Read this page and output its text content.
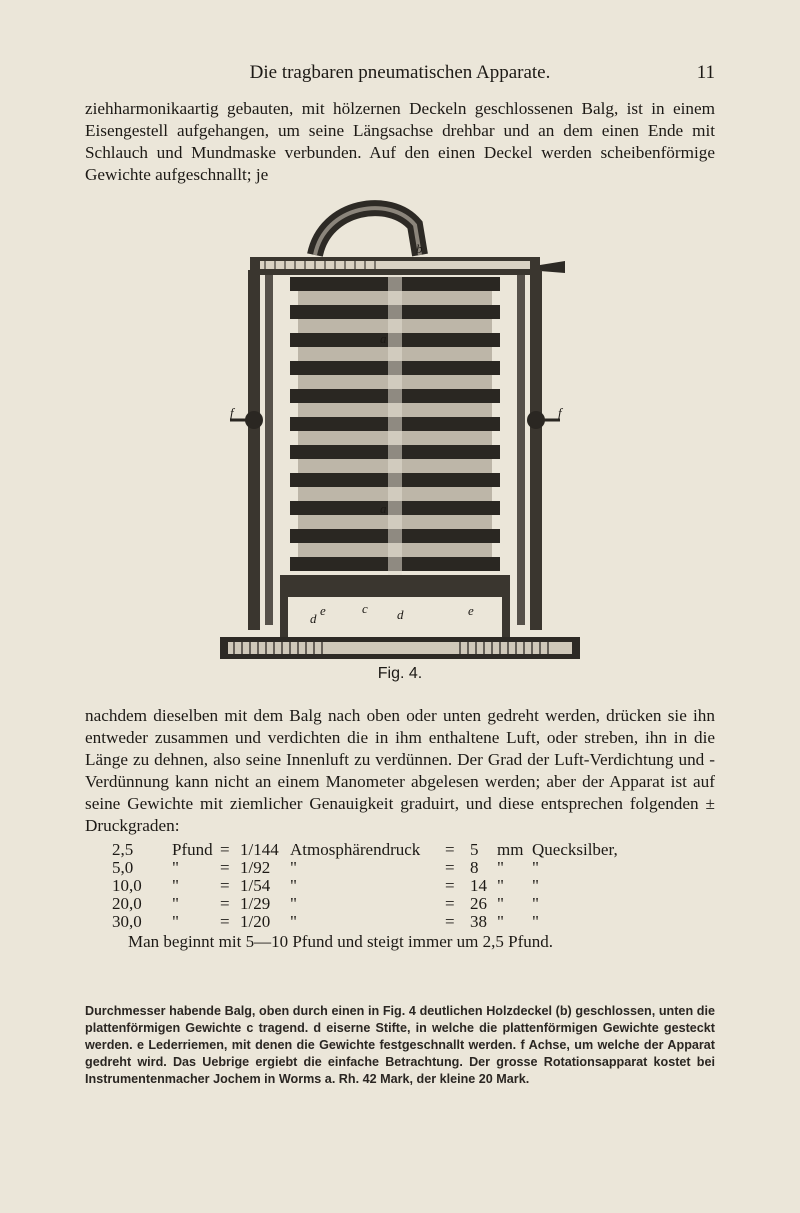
Die tragbaren pneumatischen Apparate.	11

ziehharmonikaartig gebauten, mit hölzernen Deckeln geschlossenen Balg, ist in einem Eisengestell aufgehangen, um seine Längsachse drehbar und an dem einen Ende mit Schlauch und Mundmaske verbunden. Auf den einen Deckel werden scheibenförmige Gewichte aufgeschnallt; je

b
a
a
f	f
d
e	c d	e
Fig. 4.

nachdem dieselben mit dem Balg nach oben oder unten gedreht werden, drücken sie ihn entweder zusammen und verdichten die in ihm enthaltene Luft, oder streben, ihn in die Länge zu dehnen, also seine Innenluft zu verdünnen. Der Grad der Luft-Verdichtung und -Verdünnung kann nicht an einem Manometer abgelesen werden; aber der Apparat ist auf seine Gewichte mit ziemlicher Genauigkeit graduirt, und diese entsprechen folgenden ± Druckgraden:

2,5 Pfund = 1/144 Atmosphärendruck = 5 mm Quecksilber,
5,0 " = 1/92 "	= 8 " "
10,0 " = 1/54 "	= 14 " "
20,0 " = 1/29 "	= 26 " "
30,0 " = 1/20 "	= 38 " "
Man beginnt mit 5—10 Pfund und steigt immer um 2,5 Pfund.

Durchmesser habende Balg, oben durch einen in Fig. 4 deutlichen Holzdeckel (b) geschlossen, unten die plattenförmigen Gewichte c tragend. d eiserne Stifte, in welche die plattenförmigen Gewichte gesteckt werden. e Lederriemen, mit denen die Gewichte festgeschnallt werden. f Achse, um welche der Apparat gedreht wird. Das Uebrige ergiebt die einfache Betrachtung. Der grosse Rotationsapparat kostet bei Instrumentenmacher Jochem in Worms a. Rh. 42 Mark, der kleine 20 Mark.
